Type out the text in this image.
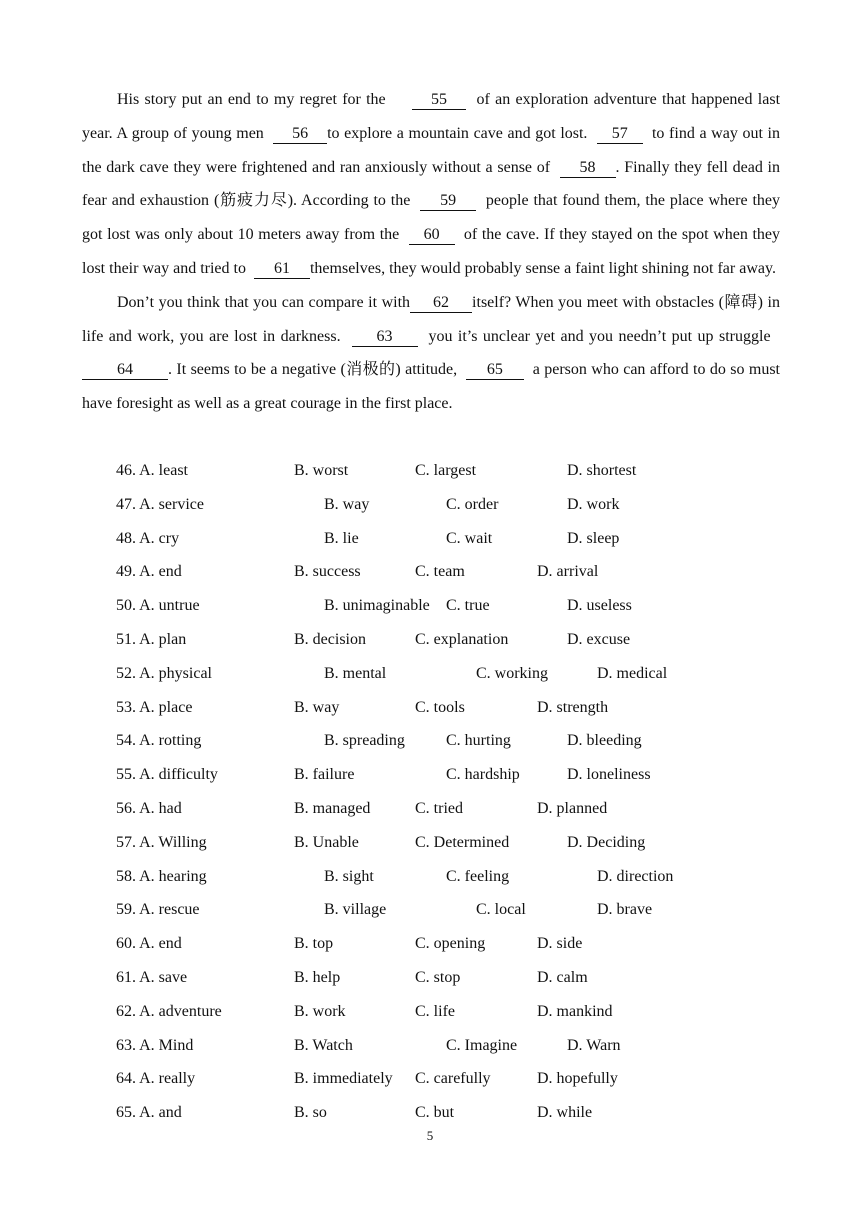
His story put an end to my regret for the	55 of an exploration adventure that happened last year. A group of young men 56 to explore a mountain cave and got lost. 57 to find a way out in the dark cave they were frightened and ran anxiously without a sense of 58 . Finally they fell dead in fear and exhaustion (筋疲力尽). According to the 59 people that found them, the place where they got lost was only about 10 meters away from the 60 of the cave. If they stayed on the spot when they lost their way and tried to 61 themselves, they would probably sense a faint light shining not far away.

Don’t you think that you can compare it with 62 itself? When you meet with obstacles (障碍) in life and work, you are lost in darkness. 63 you it’s unclear yet and you needn’t put up struggle  64 . It seems to be a negative (消极的) attitude, 65 a person who can afford to do so must have foresight as well as a great courage in the first place.

46. A. least	B. worst	C. largest	D. shortest
47. A. service	B. way	C. order	D. work
48. A. cry	B. lie	C. wait	D. sleep
49. A. end	B. success	C. team	D. arrival
50. A. untrue	B. unimaginable C. true	D. useless
51. A. plan	B. decision	C. explanation	D. excuse
52. A. physical	B. mental	C. working	D. medical
53. A. place	B. way	C. tools	D. strength
54. A. rotting	B. spreading	C. hurting	D. bleeding
55. A. difficulty	B. failure	C. hardship	D. loneliness
56. A. had	B. managed	C. tried	D. planned
57. A. Willing	B. Unable	C. Determined	D. Deciding
58. A. hearing	B. sight	C. feeling	D. direction
59. A. rescue	B. village	C. local	D. brave
60. A. end	B. top	C. opening	D. side
61. A. save	B. help	C. stop	D. calm
62. A. adventure	B. work	C. life	D. mankind
63. A. Mind	B. Watch	C. Imagine	D. Warn
64. A. really	B. immediately C. carefully	D. hopefully
65. A. and	B. so	C. but	D. while
5
